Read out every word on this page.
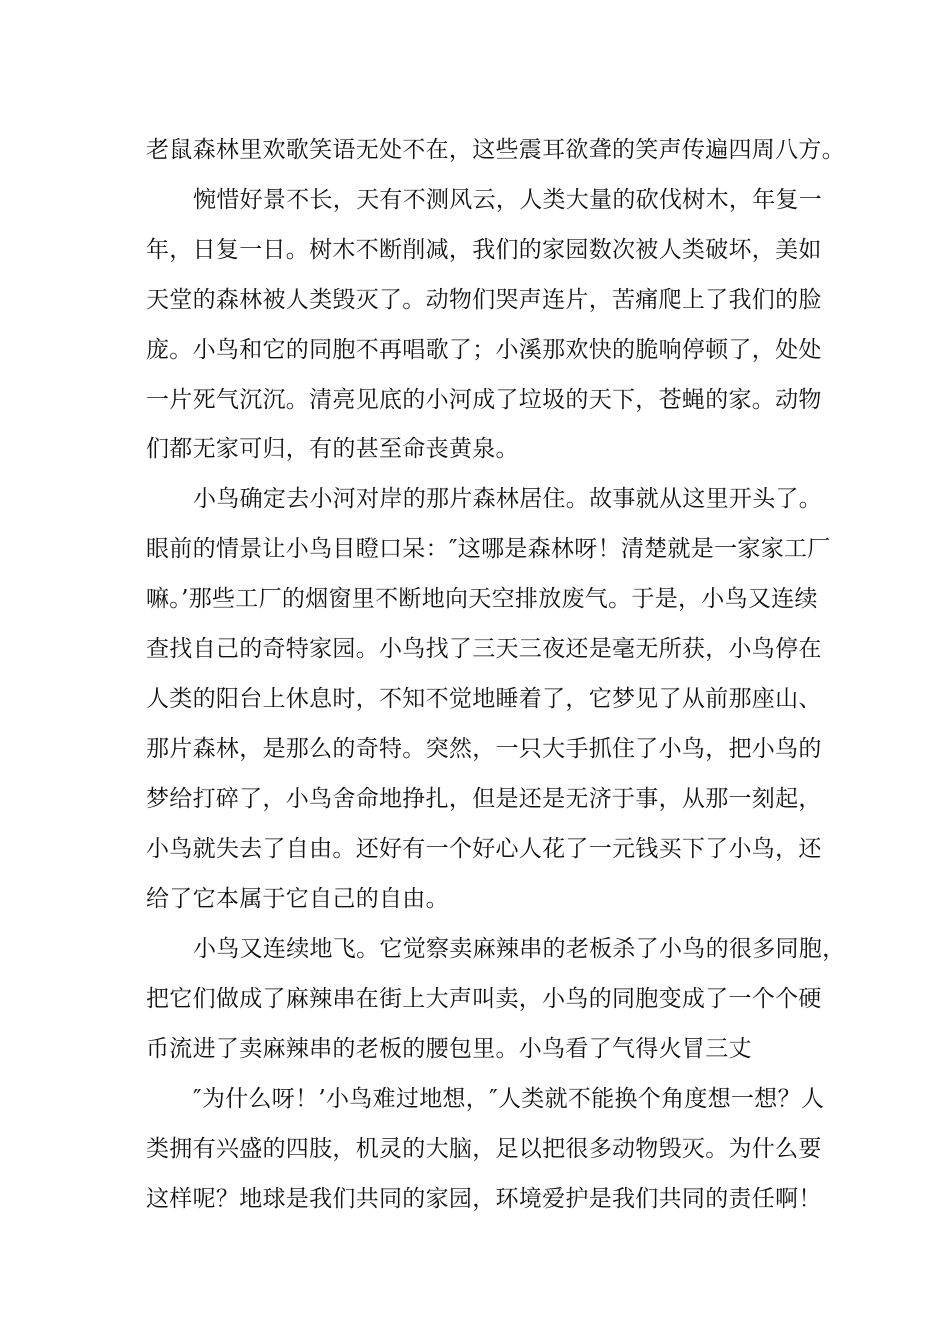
老鼠森林里欢歌笑语无处不在，这些震耳欲聋的笑声传遍四周八方。

惋惜好景不长，天有不测风云，人类大量的砍伐树木，年复一

年，日复一日。树木不断削减，我们的家园数次被人类破坏，美如

天堂的森林被人类毁灭了。动物们哭声连片，苦痛爬上了我们的脸

庞。小鸟和它的同胞不再唱歌了；小溪那欢快的脆响停顿了，处处

一片死气沉沉。清亮见底的小河成了垃圾的天下，苍蝇的家。动物

们都无家可归，有的甚至命丧黄泉。

小鸟确定去小河对岸的那片森林居住。故事就从这里开头了。

眼前的情景让小鸟目瞪口呆：″这哪是森林呀！清楚就是一家家工厂

嘛。’那些工厂的烟窗里不断地向天空排放废气。于是，小鸟又连续

查找自己的奇特家园。小鸟找了三天三夜还是毫无所获，小鸟停在

人类的阳台上休息时，不知不觉地睡着了，它梦见了从前那座山、

那片森林，是那么的奇特。突然，一只大手抓住了小鸟，把小鸟的

梦给打碎了，小鸟舍命地挣扎，但是还是无济于事，从那一刻起，

小鸟就失去了自由。还好有一个好心人花了一元钱买下了小鸟，还

给了它本属于它自己的自由。

小鸟又连续地飞。它觉察卖麻辣串的老板杀了小鸟的很多同胞，

把它们做成了麻辣串在街上大声叫卖，小鸟的同胞变成了一个个硬

币流进了卖麻辣串的老板的腰包里。小鸟看了气得火冒三丈

″为什么呀！’小鸟难过地想，″人类就不能换个角度想一想？人

类拥有兴盛的四肢，机灵的大脑，足以把很多动物毁灭。为什么要

这样呢？地球是我们共同的家园，环境爱护是我们共同的责任啊！
